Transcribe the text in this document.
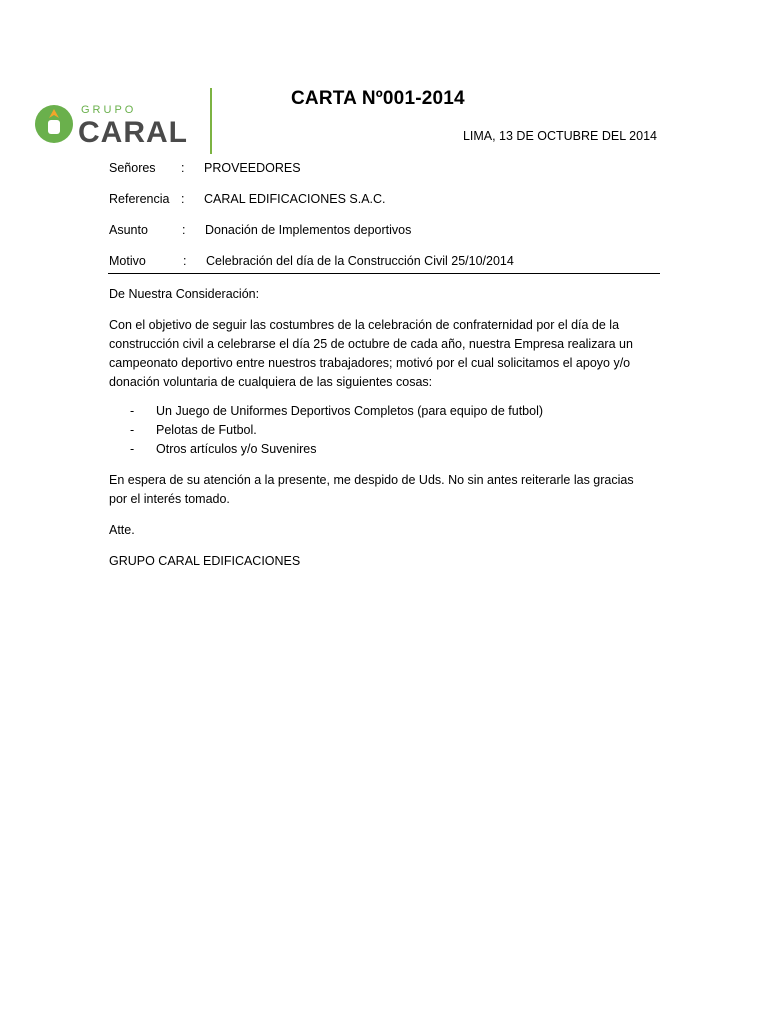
GRUPO
CARAL
CARTA Nº001-2014
LIMA, 13 DE OCTUBRE DEL 2014
Señores : PROVEEDORES
Referencia : CARAL EDIFICACIONES S.A.C.
Asunto	: Donación de Implementos deportivos
Motivo	: Celebración del día de la Construcción Civil 25/10/2014
De Nuestra Consideración:
Con el objetivo de seguir las costumbres de la celebración de confraternidad por el día de la construcción civil a celebrarse el día 25 de octubre de cada año, nuestra Empresa realizara un campeonato deportivo entre nuestros trabajadores; motivó por el cual solicitamos el apoyo y/o donación voluntaria de cualquiera de las siguientes cosas:
- Un Juego de Uniformes Deportivos Completos (para equipo de futbol)
- Pelotas de Futbol.
- Otros artículos y/o Suvenires
En espera de su atención a la presente, me despido de Uds. No sin antes reiterarle las gracias por el interés tomado.
Atte.
GRUPO CARAL EDIFICACIONES
